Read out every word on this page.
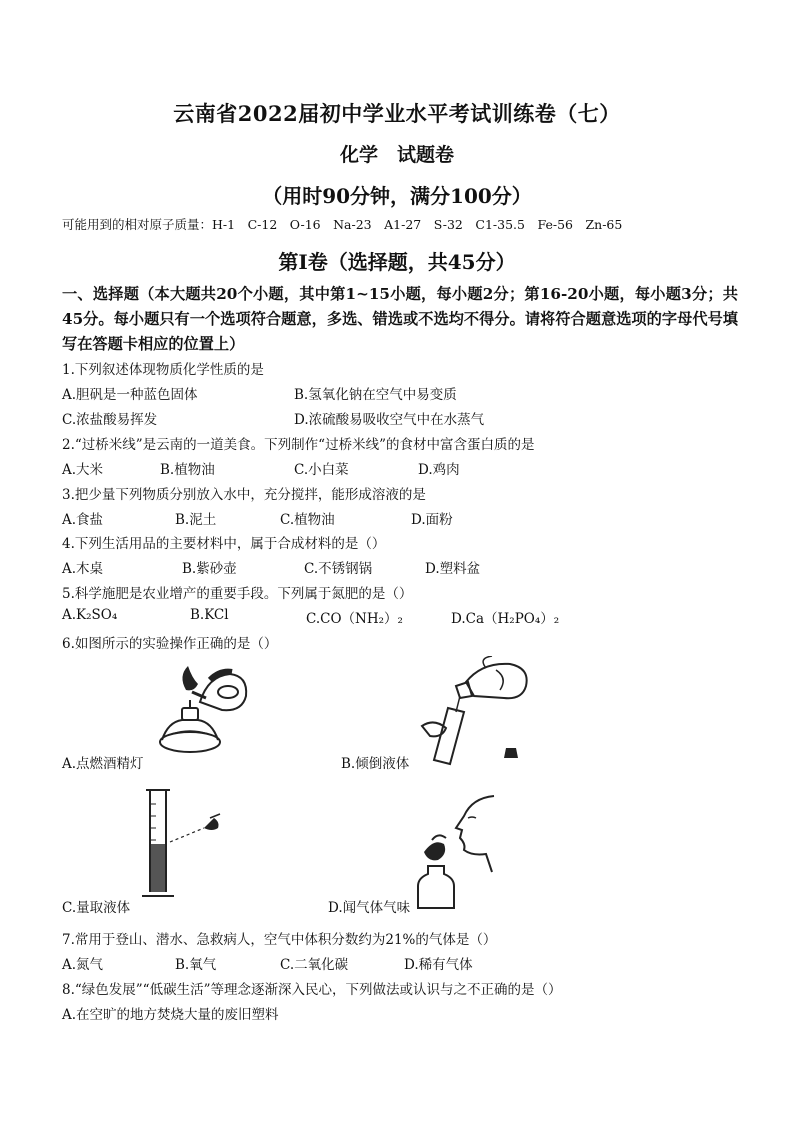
云南省2022届初中学业水平考试训练卷（七）
化学　试题卷
（用时90分钟，满分100分）
可能用到的相对原子质量：H-1　C-12　O-16　Na-23　A1-27　S-32　C1-35.5　Fe-56　Zn-65
第I卷（选择题，共45分）
一、选择题（本大题共20个小题，其中第1~15小题，每小题2分；第16-20小题，每小题3分；共45分。每小题只有一个选项符合题意，多选、错选或不选均不得分。请将符合题意选项的字母代号填写在答题卡相应的位置上）
1.下列叙述体现物质化学性质的是
A.胆矾是一种蓝色固体	B.氢氧化钠在空气中易变质
C.浓盐酸易挥发	D.浓硫酸易吸收空气中在水蒸气
2.“过桥米线”是云南的一道美食。下列制作“过桥米线”的食材中富含蛋白质的是
A.大米	B.植物油	C.小白菜	D.鸡肉
3.把少量下列物质分别放入水中，充分搅拌，能形成溶液的是
A.食盐	B.泥土	C.植物油	D.面粉
4.下列生活用品的主要材料中，属于合成材料的是（）
A.木桌	B.紫砂壶	C.不锈钢锅	D.塑料盆
5.科学施肥是农业增产的重要手段。下列属于氮肥的是（）
A.K₂SO₄	B.KCl	C.CO（NH₂）₂	D.Ca（H₂PO₄）₂
6.如图所示的实验操作正确的是（）
A.点燃酒精灯	B.倾倒液体
C.量取液体	D.闻气体气味
7.常用于登山、潜水、急救病人，空气中体积分数约为21%的气体是（）
A.氮气	B.氧气	C.二氧化碳	D.稀有气体
8.“绿色发展”“低碳生活”等理念逐渐深入民心，下列做法或认识与之不正确的是（）
A.在空旷的地方焚烧大量的废旧塑料
